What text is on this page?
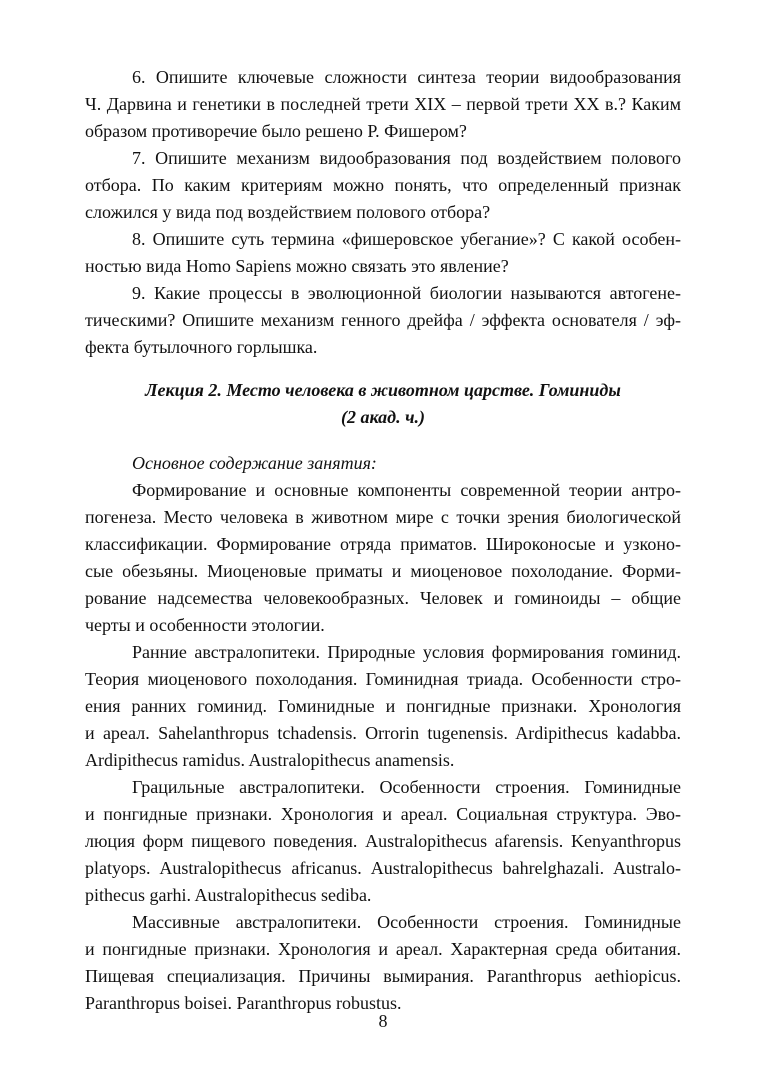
6. Опишите ключевые сложности синтеза теории видообразования
Ч. Дарвина и генетики в последней трети XIX – первой трети XX в.? Каким
образом противоречие было решено Р. Фишером?
7. Опишите механизм видообразования под воздействием полового
отбора. По каким критериям можно понять, что определенный признак
сложился у вида под воздействием полового отбора?
8. Опишите суть термина «фишеровское убегание»? С какой особен-
ностью вида Homo Sapiens можно связать это явление?
9. Какие процессы в эволюционной биологии называются автогене-
тическими? Опишите механизм генного дрейфа / эффекта основателя / эф-
фекта бутылочного горлышка.
Лекция 2. Место человека в животном царстве. Гоминиды
(2 акад. ч.)
Основное содержание занятия:
Формирование и основные компоненты современной теории антро-
погенеза. Место человека в животном мире с точки зрения биологической
классификации. Формирование отряда приматов. Широконосые и узконо-
сые обезьяны. Миоценовые приматы и миоценовое похолодание. Форми-
рование надсемества человекообразных. Человек и гоминоиды – общие
черты и особенности этологии.
Ранние австралопитеки. Природные условия формирования гоминид.
Теория миоценового похолодания. Гоминидная триада. Особенности стро-
ения ранних гоминид. Гоминидные и понгидные признаки. Хронология
и ареал. Sahelanthropus tchadensis. Orrorin tugenensis. Ardipithecus kadabba.
Ardipithecus ramidus. Australopithecus anamensis.
Грацильные австралопитеки. Особенности строения. Гоминидные
и понгидные признаки. Хронология и ареал. Социальная структура. Эво-
люция форм пищевого поведения. Australopithecus afarensis. Kenyanthropus
platyops. Australopithecus africanus. Australopithecus bahrelghazali. Australo-
pithecus garhi. Australopithecus sediba.
Массивные австралопитеки. Особенности строения. Гоминидные
и понгидные признаки. Хронология и ареал. Характерная среда обитания.
Пищевая специализация. Причины вымирания. Paranthropus aethiopicus.
Paranthropus boisei. Paranthropus robustus.
8
